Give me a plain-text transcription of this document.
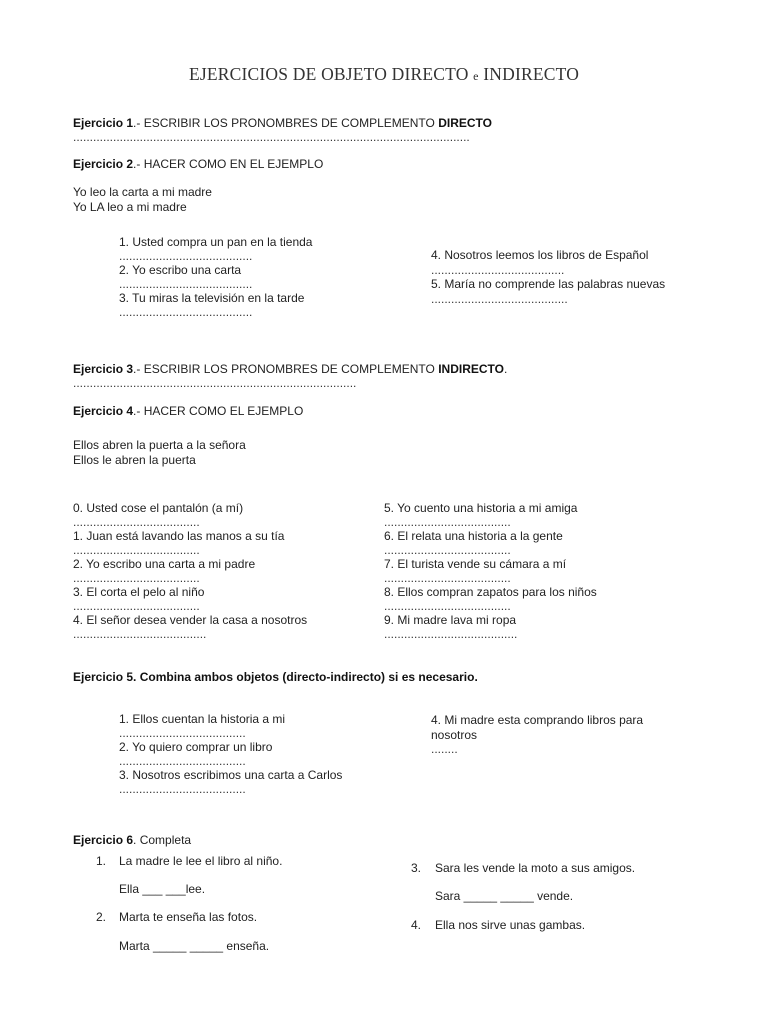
EJERCICIOS DE OBJETO DIRECTO e INDIRECTO
Ejercicio 1.- ESCRIBIR LOS PRONOMBRES DE COMPLEMENTO DIRECTO
.......................................................................................................................
Ejercicio 2.- HACER COMO EN EL EJEMPLO
Yo leo la carta a mi madre
Yo LA leo a mi madre
1. Usted compra un pan en la tienda
........................................
2. Yo escribo una carta
........................................
3. Tu miras la televisión en la tarde
........................................
4. Nosotros leemos los libros de Español
........................................
5. María no comprende las palabras nuevas
.........................................
Ejercicio 3.- ESCRIBIR LOS PRONOMBRES DE COMPLEMENTO INDIRECTO.
.....................................................................................
Ejercicio 4.- HACER COMO EL EJEMPLO
Ellos abren la puerta a la señora
Ellos le abren la puerta
0. Usted cose el pantalón (a mí)
......................................
1. Juan está lavando las manos a su tía
......................................
2. Yo escribo una carta a mi padre
......................................
3. El corta el pelo al niño
......................................
4. El señor desea vender la casa a nosotros
........................................
5. Yo cuento una historia a mi amiga
......................................
6. El relata una historia a la gente
......................................
7. El turista vende su cámara a mí
......................................
8. Ellos compran zapatos para los niños
......................................
9. Mi madre lava mi ropa
........................................
Ejercicio 5. Combina ambos objetos (directo-indirecto) si es necesario.
1. Ellos cuentan la historia a mi
......................................
2. Yo quiero comprar un libro
......................................
3. Nosotros escribimos una carta a Carlos
......................................
4. Mi madre esta comprando libros para
nosotros
........
Ejercicio 6. Completa
1. La madre le lee el libro al niño.
Ella ___ ___lee.
2. Marta te enseña las fotos.
Marta _____ _____ enseña.
3. Sara les vende la moto a sus amigos.
Sara _____ _____ vende.
4. Ella nos sirve unas gambas.
